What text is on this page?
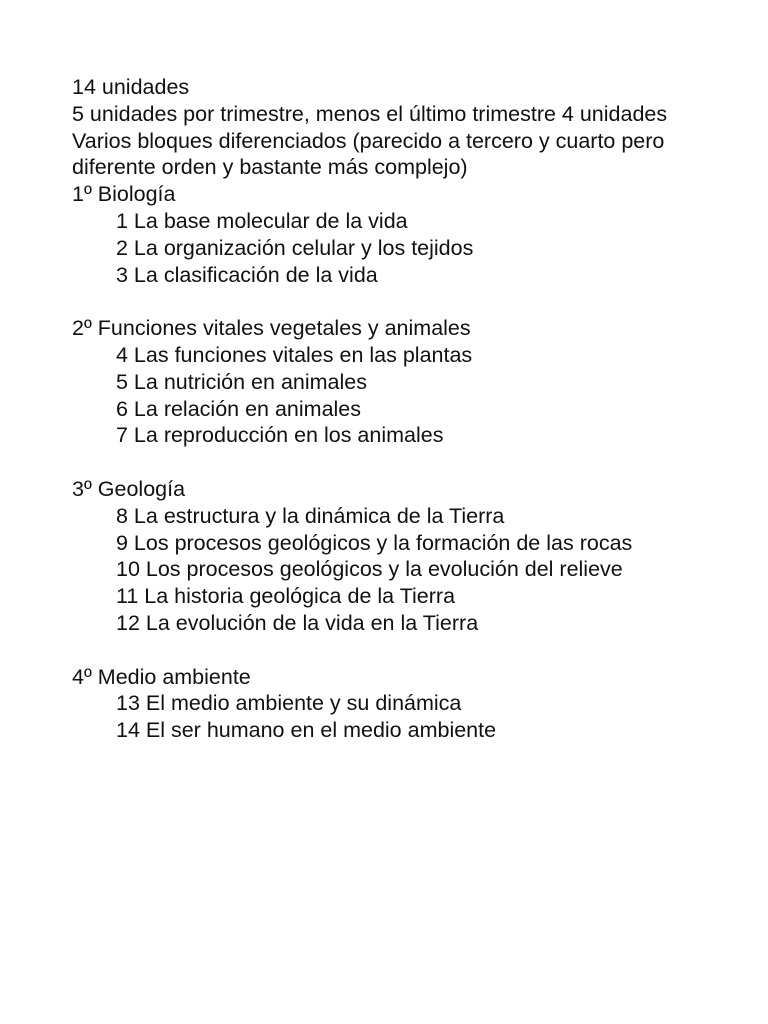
14 unidades
5 unidades por trimestre, menos el último trimestre 4 unidades
Varios bloques diferenciados (parecido a tercero y cuarto pero diferente orden y bastante más complejo)
1º Biología
1 La base molecular de la vida
2 La organización celular y los tejidos
3 La clasificación de la vida
2º Funciones vitales vegetales y animales
4 Las funciones vitales en las plantas
5 La nutrición en animales
6 La relación en animales
7 La reproducción en los animales
3º Geología
8 La estructura y la dinámica de la Tierra
9 Los procesos geológicos y la formación de las rocas
10 Los procesos geológicos y la evolución del relieve
11 La historia geológica de la Tierra
12 La evolución de la vida en la Tierra
4º Medio ambiente
13 El medio ambiente y su dinámica
14 El ser humano en el medio ambiente
